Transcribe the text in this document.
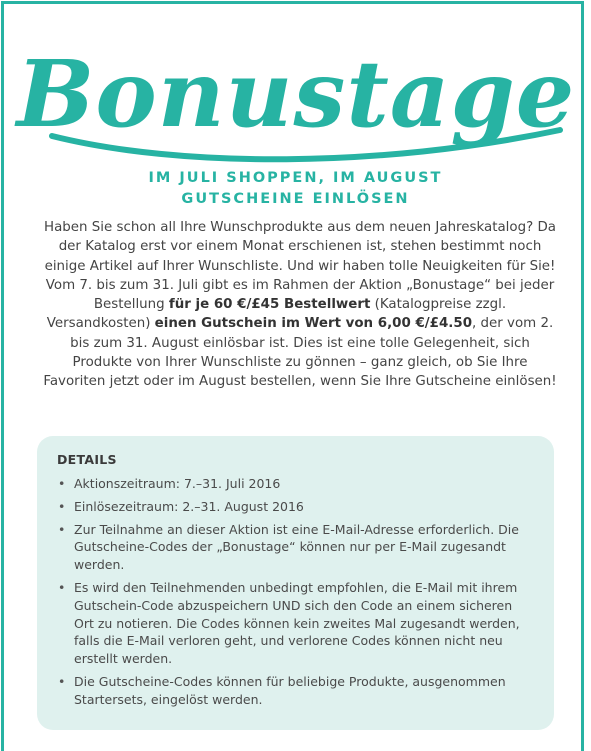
Bonustage
IM JULI SHOPPEN, IM AUGUST
GUTSCHEINE EINLÖSEN
Haben Sie schon all Ihre Wunschprodukte aus dem neuen Jahreskatalog? Da der Katalog erst vor einem Monat erschienen ist, stehen bestimmt noch einige Artikel auf Ihrer Wunschliste. Und wir haben tolle Neuigkeiten für Sie! Vom 7. bis zum 31. Juli gibt es im Rahmen der Aktion „Bonustage“ bei jeder Bestellung für je 60 €/£45 Bestellwert (Katalogpreise zzgl. Versandkosten) einen Gutschein im Wert von 6,00 €/£4.50, der vom 2. bis zum 31. August einlösbar ist. Dies ist eine tolle Gelegenheit, sich Produkte von Ihrer Wunschliste zu gönnen – ganz gleich, ob Sie Ihre Favoriten jetzt oder im August bestellen, wenn Sie Ihre Gutscheine einlösen!
DETAILS
• Aktionszeitraum: 7.–31. Juli 2016
• Einlösezeitraum: 2.–31. August 2016
• Zur Teilnahme an dieser Aktion ist eine E-Mail-Adresse erforderlich. Die Gutscheine-Codes der „Bonustage“ können nur per E-Mail zugesandt werden.
• Es wird den Teilnehmenden unbedingt empfohlen, die E-Mail mit ihrem Gutschein-Code abzuspeichern UND sich den Code an einem sicheren Ort zu notieren. Die Codes können kein zweites Mal zugesandt werden, falls die E-Mail verloren geht, und verlorene Codes können nicht neu erstellt werden.
• Die Gutscheine-Codes können für beliebige Produkte, ausgenommen Startersets, eingelöst werden.
